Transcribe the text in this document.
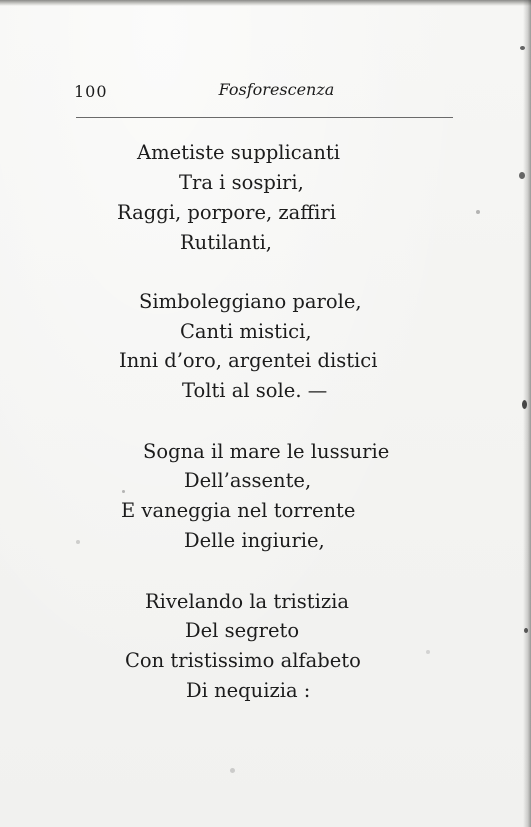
100	Fosforescenza
Ametiste supplicanti
Tra i sospiri,
Raggi, porpore, zaffiri
Rutilanti,
Simboleggiano parole,
Canti mistici,
Inni d’oro, argentei distici
Tolti al sole. —
Sogna il mare le lussurie
Dell’assente,
E vaneggia nel torrente
Delle ingiurie,
Rivelando la tristizia
Del segreto
Con tristissimo alfabeto
Di nequizia :
